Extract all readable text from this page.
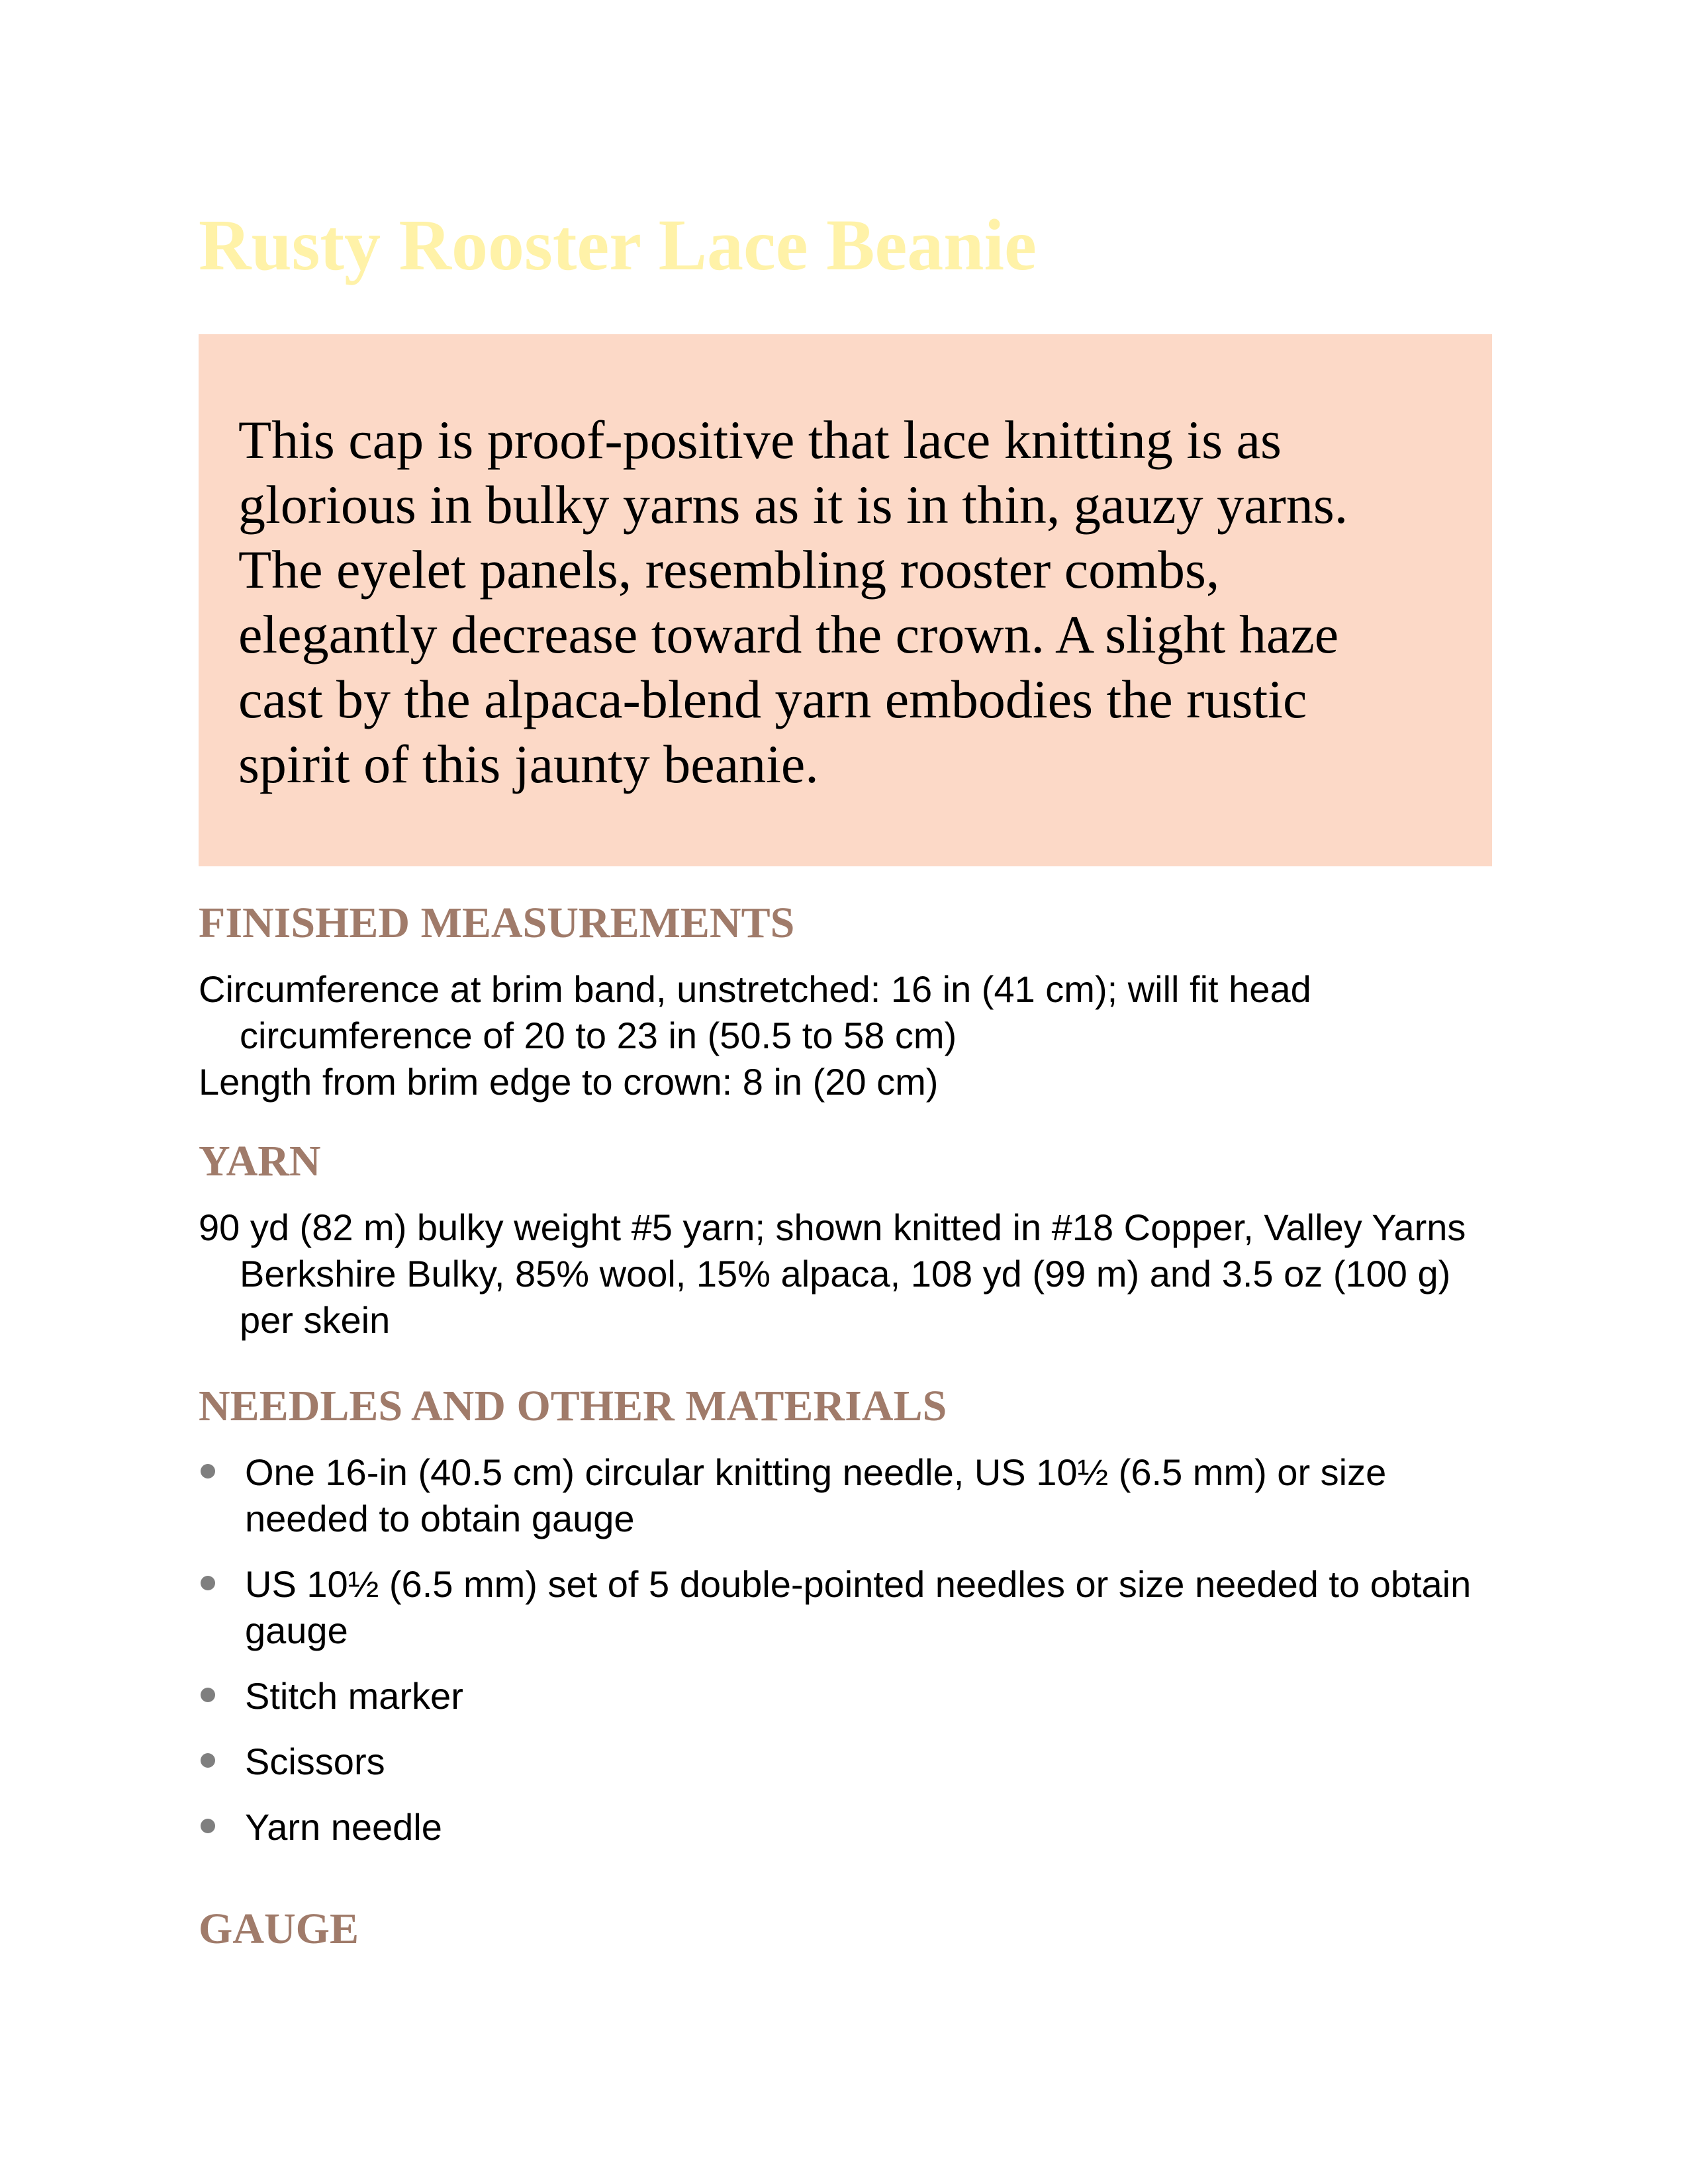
Rusty Rooster Lace Beanie

This cap is proof-positive that lace knitting is as glorious in bulky yarns as it is in thin, gauzy yarns. The eyelet panels, resembling rooster combs, elegantly decrease toward the crown. A slight haze cast by the alpaca-blend yarn embodies the rustic spirit of this jaunty beanie.

FINISHED MEASUREMENTS

Circumference at brim band, unstretched: 16 in (41 cm); will fit head circumference of 20 to 23 in (50.5 to 58 cm)

Length from brim edge to crown: 8 in (20 cm)

YARN

90 yd (82 m) bulky weight #5 yarn; shown knitted in #18 Copper, Valley Yarns Berkshire Bulky, 85% wool, 15% alpaca, 108 yd (99 m) and 3.5 oz (100 g) per skein

NEEDLES AND OTHER MATERIALS
One 16-in (40.5 cm) circular knitting needle, US 10½ (6.5 mm) or size needed to obtain gauge
US 10½ (6.5 mm) set of 5 double-pointed needles or size needed to obtain gauge
Stitch marker
Scissors
Yarn needle
GAUGE
